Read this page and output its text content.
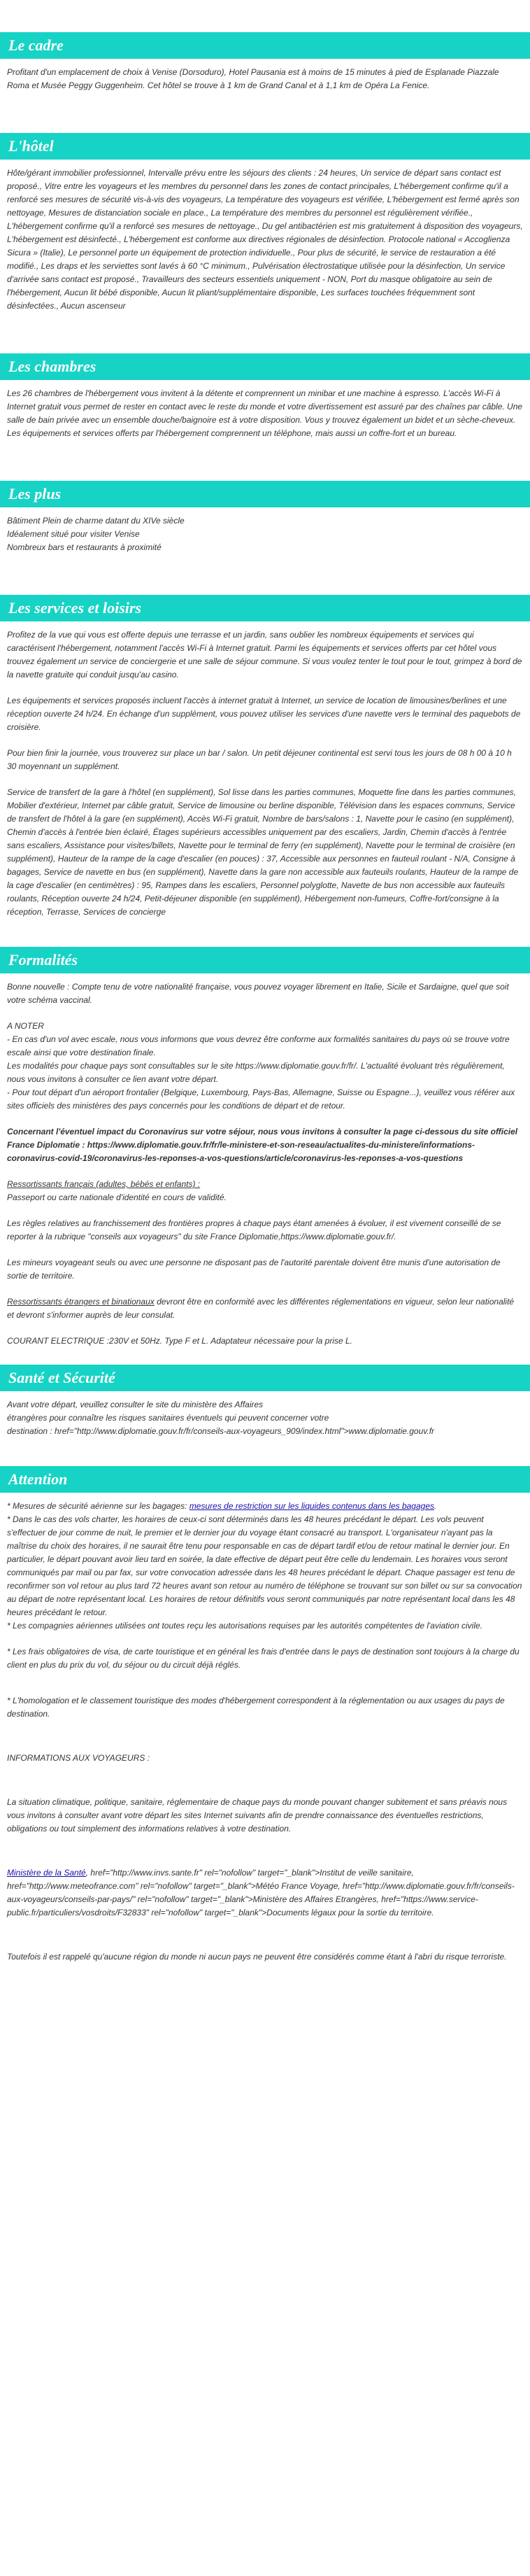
Le cadre

Profitant d'un emplacement de choix à Venise (Dorsoduro), Hotel Pausania est à moins de 15 minutes à pied de Esplanade Piazzale Roma et Musée Peggy Guggenheim. Cet hôtel se trouve à 1 km de Grand Canal et à 1,1 km de Opéra La Fenice.

L'hôtel

Hôte/gérant immobilier professionnel, Intervalle prévu entre les séjours des clients : 24 heures, Un service de départ sans contact est proposé., Vitre entre les voyageurs et les membres du personnel dans les zones de contact principales, L'hébergement confirme qu'il a renforcé ses mesures de sécurité vis-à-vis des voyageurs, La température des voyageurs est vérifiée, L'hébergement est fermé après son nettoyage, Mesures de distanciation sociale en place., La température des membres du personnel est régulièrement vérifiée., L'hébergement confirme qu'il a renforcé ses mesures de nettoyage., Du gel antibactérien est mis gratuitement à disposition des voyageurs, L'hébergement est désinfecté., L'hébergement est conforme aux directives régionales de désinfection. Protocole national « Accoglienza Sicura » (Italie), Le personnel porte un équipement de protection individuelle., Pour plus de sécurité, le service de restauration a été modifié., Les draps et les serviettes sont lavés à 60 °C minimum., Pulvérisation électrostatique utilisée pour la désinfection, Un service d'arrivée sans contact est proposé., Travailleurs des secteurs essentiels uniquement - NON, Port du masque obligatoire au sein de l'hébergement, Aucun lit bébé disponible, Aucun lit pliant/supplémentaire disponible, Les surfaces touchées fréquemment sont désinfectées., Aucun ascenseur

Les chambres

Les 26 chambres de l'hébergement vous invitent à la détente et comprennent un minibar et une machine à espresso. L'accès Wi-Fi à Internet gratuit vous permet de rester en contact avec le reste du monde et votre divertissement est assuré par des chaînes par câble. Une salle de bain privée avec un ensemble douche/baignoire est à votre disposition. Vous y trouvez également un bidet et un sèche-cheveux. Les équipements et services offerts par l'hébergement comprennent un téléphone, mais aussi un coffre-fort et un bureau.

Les plus

Bâtiment Plein de charme datant du XIVe siècle

Idéalement situé pour visiter Venise

Nombreux bars et restaurants à proximité

Les services et loisirs

Profitez de la vue qui vous est offerte depuis une terrasse et un jardin, sans oublier les nombreux équipements et services qui caractérisent l'hébergement, notamment l'accès Wi-Fi à Internet gratuit. Parmi les équipements et services offerts par cet hôtel vous trouvez également un service de conciergerie et une salle de séjour commune. Si vous voulez tenter le tout pour le tout, grimpez à bord de la navette gratuite qui conduit jusqu'au casino.

Les équipements et services proposés incluent l'accès à internet gratuit à Internet, un service de location de limousines/berlines et une réception ouverte 24 h/24. En échange d'un supplément, vous pouvez utiliser les services d'une navette vers le terminal des paquebots de croisière.

Pour bien finir la journée, vous trouverez sur place un bar / salon. Un petit déjeuner continental est servi tous les jours de 08 h 00 à 10 h 30 moyennant un supplément.

Service de transfert de la gare à l'hôtel (en supplément), Sol lisse dans les parties communes, Moquette fine dans les parties communes, Mobilier d'extérieur, Internet par câble gratuit, Service de limousine ou berline disponible, Télévision dans les espaces communs, Service de transfert de l'hôtel à la gare (en supplément), Accès Wi-Fi gratuit, Nombre de bars/salons : 1, Navette pour le casino (en supplément), Chemin d'accès à l'entrée bien éclairé, Étages supérieurs accessibles uniquement par des escaliers, Jardin, Chemin d'accès à l'entrée sans escaliers, Assistance pour visites/billets, Navette pour le terminal de ferry (en supplément), Navette pour le terminal de croisière (en supplément), Hauteur de la rampe de la cage d'escalier (en pouces) : 37, Accessible aux personnes en fauteuil roulant - N/A, Consigne à bagages, Service de navette en bus (en supplément), Navette dans la gare non accessible aux fauteuils roulants, Hauteur de la rampe de la cage d'escalier (en centimètres) : 95, Rampes dans les escaliers, Personnel polyglotte, Navette de bus non accessible aux fauteuils roulants, Réception ouverte 24 h/24, Petit-déjeuner disponible (en supplément), Hébergement non-fumeurs, Coffre-fort/consigne à la réception, Terrasse, Services de concierge

Formalités

Bonne nouvelle : Compte tenu de votre nationalité française, vous pouvez voyager librement en Italie, Sicile et Sardaigne, quel que soit votre schéma vaccinal.

A NOTER

- En cas d'un vol avec escale, nous vous informons que vous devrez être conforme aux formalités sanitaires du pays où se trouve votre escale ainsi que votre destination finale.

Les modalités pour chaque pays sont consultables sur le site https://www.diplomatie.gouv.fr/fr/. L'actualité évoluant très régulièrement, nous vous invitons à consulter ce lien avant votre départ.

- Pour tout départ d'un aéroport frontalier (Belgique, Luxembourg, Pays-Bas, Allemagne, Suisse ou Espagne...), veuillez vous référer aux sites officiels des ministères des pays concernés pour les conditions de départ et de retour.

Concernant l'éventuel impact du Coronavirus sur votre séjour, nous vous invitons à consulter la page ci-dessous du site officiel France Diplomatie : https://www.diplomatie.gouv.fr/fr/le-ministere-et-son-reseau/actualites-du-ministere/informations-coronavirus-covid-19/coronavirus-les-reponses-a-vos-questions/article/coronavirus-les-reponses-a-vos-questions

Ressortissants français (adultes, bébés et enfants) :

Passeport ou carte nationale d'identité en cours de validité.

Les règles relatives au franchissement des frontières propres à chaque pays étant amenées à évoluer, il est vivement conseillé de se reporter à la rubrique "conseils aux voyageurs" du site France Diplomatie,https://www.diplomatie.gouv.fr/.

Les mineurs voyageant seuls ou avec une personne ne disposant pas de l'autorité parentale doivent être munis d'une autorisation de sortie de territoire.

Ressortissants étrangers et binationaux devront être en conformité avec les différentes réglementations en vigueur, selon leur nationalité et devront s'informer auprès de leur consulat.

COURANT ELECTRIQUE :230V et 50Hz. Type F et L. Adaptateur nécessaire pour la prise L.

Santé et Sécurité

Avant votre départ, veuillez consulter le site du ministère des Affaires

étrangères pour connaître les risques sanitaires éventuels qui peuvent concerner votre

destination : href="http://www.diplomatie.gouv.fr/fr/conseils-aux-voyageurs_909/index.html">www.diplomatie.gouv.fr

Attention

* Mesures de sécurité aérienne sur les bagages: mesures de restriction sur les liquides contenus dans les bagages.

* Dans le cas des vols charter, les horaires de ceux-ci sont déterminés dans les 48 heures précédant le départ. Les vols peuvent s'effectuer de jour comme de nuit, le premier et le dernier jour du voyage étant consacré au transport. L'organisateur n'ayant pas la maîtrise du choix des horaires, il ne saurait être tenu pour responsable en cas de départ tardif et/ou de retour matinal le dernier jour. En particulier, le départ pouvant avoir lieu tard en soirée, la date effective de départ peut être celle du lendemain. Les horaires vous seront communiqués par mail ou par fax, sur votre convocation adressée dans les 48 heures précédant le départ. Chaque passager est tenu de reconfirmer son vol retour au plus tard 72 heures avant son retour au numéro de téléphone se trouvant sur son billet ou sur sa convocation au départ de notre représentant local. Les horaires de retour définitifs vous seront communiqués par notre représentant local dans les 48 heures précédant le retour.

* Les compagnies aériennes utilisées ont toutes reçu les autorisations requises par les autorités compétentes de l'aviation civile.

* Les frais obligatoires de visa, de carte touristique et en général les frais d'entrée dans le pays de destination sont toujours à la charge du client en plus du prix du vol, du séjour ou du circuit déjà réglés.

* L'homologation et le classement touristique des modes d'hébergement correspondent à la réglementation ou aux usages du pays de destination.

INFORMATIONS AUX VOYAGEURS :

La situation climatique, politique, sanitaire, réglementaire de chaque pays du monde pouvant changer subitement et sans préavis nous vous invitons à consulter avant votre départ les sites Internet suivants afin de prendre connaissance des éventuelles restrictions, obligations ou tout simplement des informations relatives à votre destination.

Ministère de la Santé, href="http://www.invs.sante.fr" rel="nofollow" target="_blank">Institut de veille sanitaire, href="http://www.meteofrance.com" rel="nofollow" target="_blank">Météo France Voyage, href="http://www.diplomatie.gouv.fr/fr/conseils-aux-voyageurs/conseils-par-pays/" rel="nofollow" target="_blank">Ministère des Affaires Etrangères, href="https://www.service-public.fr/particuliers/vosdroits/F32833" rel="nofollow" target="_blank">Documents légaux pour la sortie du territoire.

Toutefois il est rappelé qu'aucune région du monde ni aucun pays ne peuvent être considérés comme étant à l'abri du risque terroriste.
